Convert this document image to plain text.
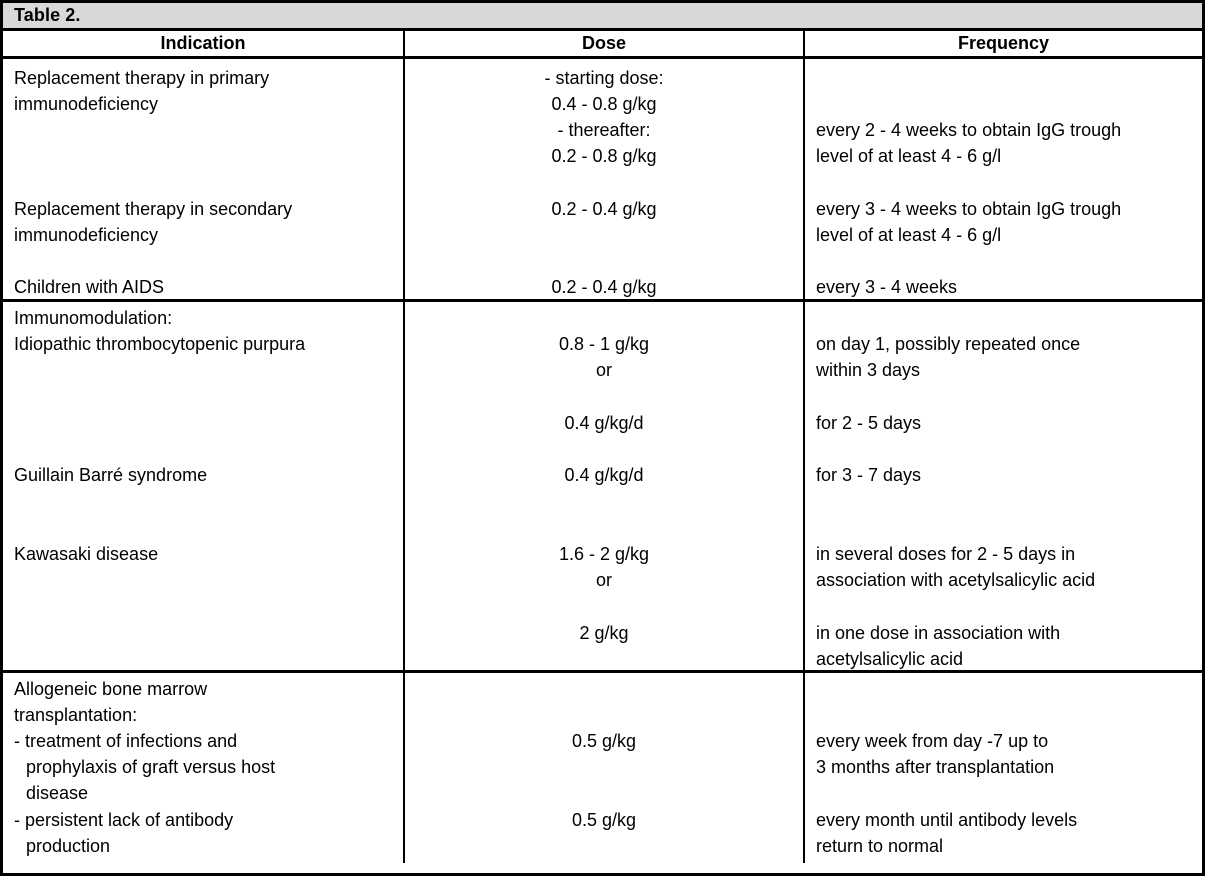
Table 2.
Indication	Dose	Frequency
Replacement therapy in primary
immunodeficiency
Replacement therapy in secondary
immunodeficiency
Children with AIDS
- starting dose:
0.4 - 0.8 g/kg
- thereafter:
0.2 - 0.8 g/kg
0.2 - 0.4 g/kg
0.2 - 0.4 g/kg
every 2 - 4 weeks to obtain IgG trough
level of at least 4 - 6 g/l
every 3 - 4 weeks to obtain IgG trough
level of at least 4 - 6 g/l
every 3 - 4 weeks
Immunomodulation:
Idiopathic thrombocytopenic purpura
Guillain Barré syndrome
Kawasaki disease
0.8 - 1 g/kg
or
0.4 g/kg/d
0.4 g/kg/d
1.6 - 2 g/kg
or
2 g/kg
on day 1, possibly repeated once
within 3 days
for 2 - 5 days
for 3 - 7 days
in several doses for 2 - 5 days in
association with acetylsalicylic acid
in one dose in association with
acetylsalicylic acid
Allogeneic bone marrow
transplantation:
- treatment of infections and
prophylaxis of graft versus host
disease
- persistent lack of antibody
production
0.5 g/kg
0.5 g/kg
every week from day -7 up to
3 months after transplantation
every month until antibody levels
return to normal
